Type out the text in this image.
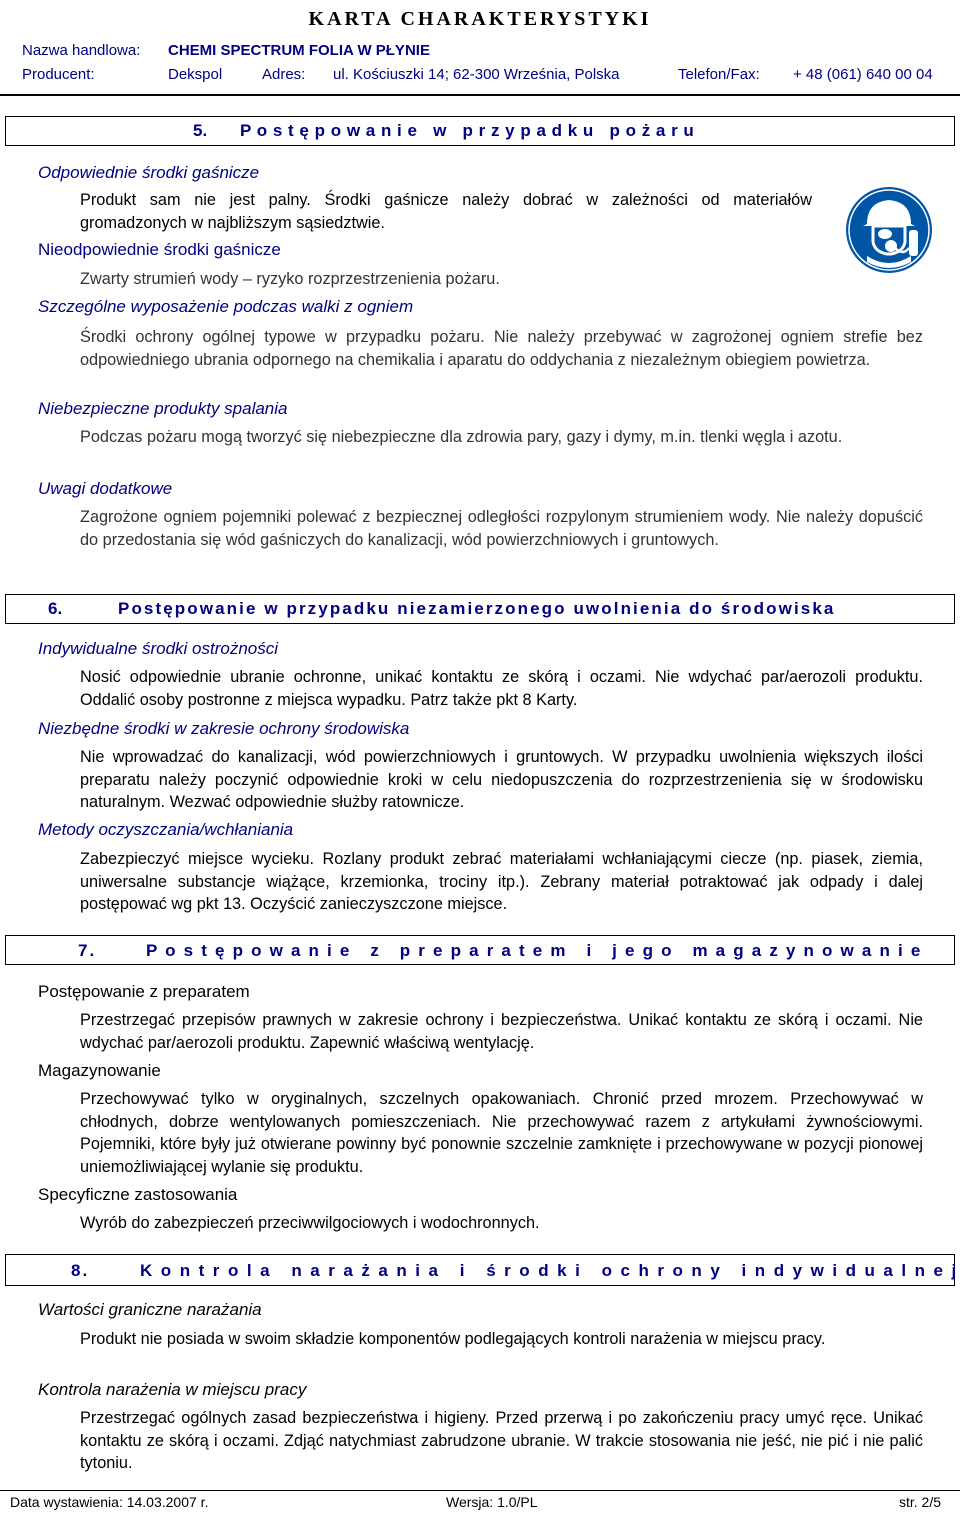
KARTA CHARAKTERYSTYKI
Nazwa handlowa: CHEMI SPECTRUM FOLIA W PŁYNIE
Producent:	Dekspol	Adres: ul. Kościuszki 14; 62-300 Września, Polska	Telefon/Fax: + 48 (061) 640 00 04
5. P o s t ę p o w a n i e   w   p r z y p a d k u   p o ż a r u
Odpowiednie środki gaśnicze
Produkt sam nie jest palny. Środki gaśnicze należy dobrać w zależności od materiałów gromadzonych w najbliższym sąsiedztwie.
Nieodpowiednie środki gaśnicze
Zwarty strumień wody – ryzyko rozprzestrzenienia pożaru.
Szczególne wyposażenie podczas walki z ogniem
Środki ochrony ogólnej typowe w przypadku pożaru. Nie należy przebywać w zagrożonej ogniem strefie bez odpowiedniego ubrania odpornego na chemikalia i aparatu do oddychania z niezależnym obiegiem powietrza.
Niebezpieczne produkty spalania
Podczas pożaru mogą tworzyć się niebezpieczne dla zdrowia pary, gazy i dymy, m.in. tlenki węgla i azotu.
Uwagi dodatkowe
Zagrożone ogniem pojemniki polewać z bezpiecznej odległości rozpylonym strumieniem wody. Nie należy dopuścić do przedostania się wód gaśniczych do kanalizacji, wód powierzchniowych i gruntowych.
6.	Postępowanie w przypadku niezamierzonego uwolnienia do środowiska
Indywidualne środki ostrożności
Nosić odpowiednie ubranie ochronne, unikać kontaktu ze skórą i oczami. Nie wdychać par/aerozoli produktu. Oddalić osoby postronne z miejsca wypadku. Patrz także pkt 8 Karty.
Niezbędne środki w zakresie ochrony środowiska
Nie wprowadzać do kanalizacji, wód powierzchniowych i gruntowych. W przypadku uwolnienia większych ilości preparatu należy poczynić odpowiednie kroki w celu niedopuszczenia do rozprzestrzenienia się w środowisku naturalnym. Wezwać odpowiednie służby ratownicze.
Metody oczyszczania/wchłaniania
Zabezpieczyć miejsce wycieku. Rozlany produkt zebrać materiałami wchłaniającymi ciecze (np. piasek, ziemia, uniwersalne substancje wiążące, krzemionka, trociny itp.). Zebrany materiał potraktować jak odpady i dalej postępować wg pkt 13. Oczyścić zanieczyszczone miejsce.
7.	P o s t ę p o w a n i e   z   p r e p a r a t e m   i   j e g o   m a g a z y n o w a n i e
Postępowanie z preparatem
Przestrzegać przepisów prawnych w zakresie ochrony i bezpieczeństwa. Unikać kontaktu ze skórą i oczami. Nie wdychać par/aerozoli produktu. Zapewnić właściwą wentylację.
Magazynowanie
Przechowywać tylko w oryginalnych, szczelnych opakowaniach. Chronić przed mrozem. Przechowywać w chłodnych, dobrze wentylowanych pomieszczeniach. Nie przechowywać razem z artykułami żywnościowymi. Pojemniki, które były już otwierane powinny być ponownie szczelnie zamknięte i przechowywane w pozycji pionowej uniemożliwiającej wylanie się produktu.
Specyficzne zastosowania
Wyrób do zabezpieczeń przeciwwilgociowych i wodochronnych.
8.	K o n t r o l a   n a r a ż a n i a   i   ś r o d k i   o c h r o n y   i n d y w i d u a l n e j
Wartości graniczne narażania
Produkt nie posiada w swoim składzie komponentów podlegających kontroli narażenia w miejscu pracy.
Kontrola narażenia w miejscu pracy
Przestrzegać ogólnych zasad bezpieczeństwa i higieny. Przed przerwą i po zakończeniu pracy umyć ręce. Unikać kontaktu ze skórą i oczami. Zdjąć natychmiast zabrudzone ubranie. W trakcie stosowania nie jeść, nie pić i nie palić tytoniu.
Data wystawienia: 14.03.2007 r.	Wersja: 1.0/PL	str. 2/5
